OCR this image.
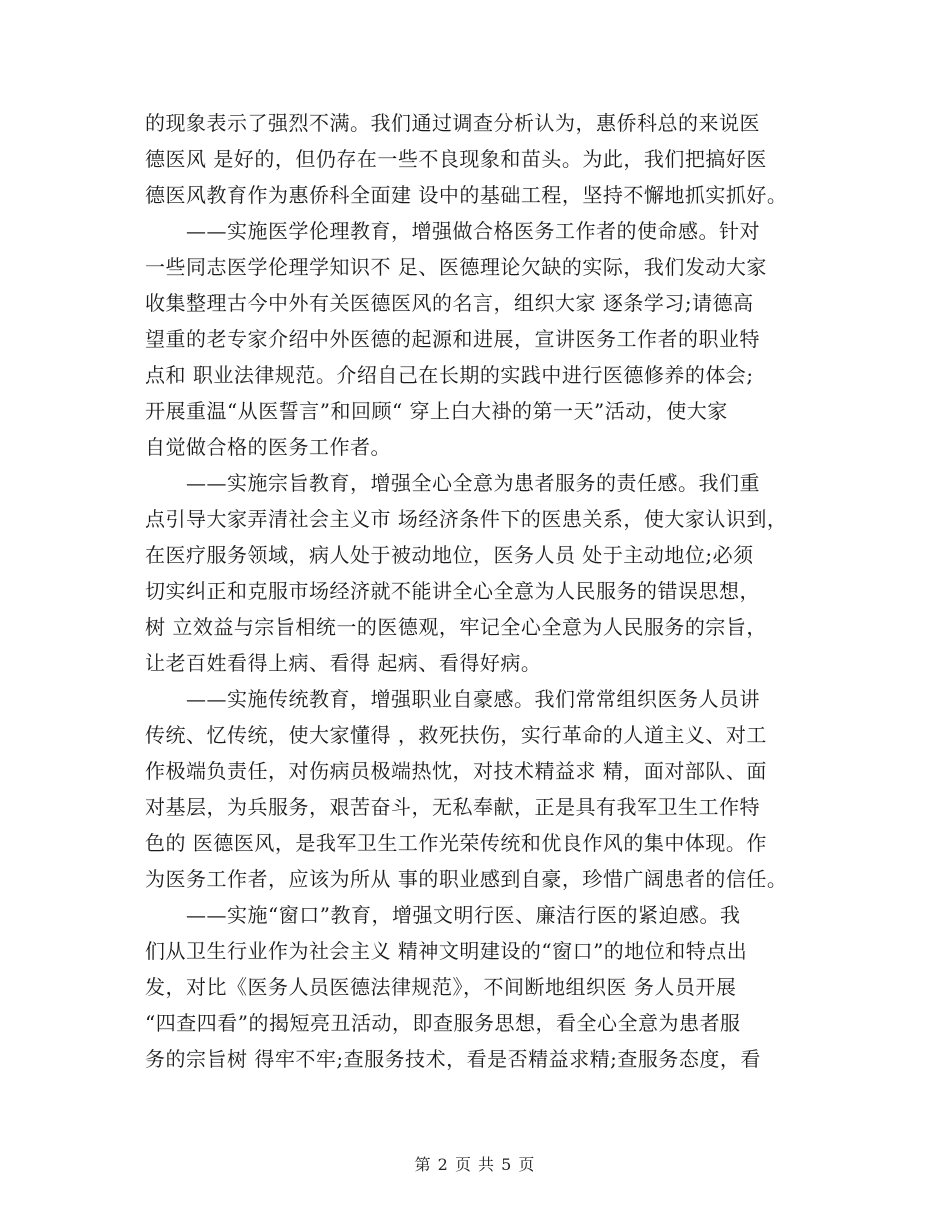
的现象表示了强烈不满。我们通过调查分析认为，惠侨科总的来说医
德医风 是好的，但仍存在一些不良现象和苗头。为此，我们把搞好医
德医风教育作为惠侨科全面建 设中的基础工程，坚持不懈地抓实抓好。
　　——实施医学伦理教育，增强做合格医务工作者的使命感。针对
一些同志医学伦理学知识不 足、医德理论欠缺的实际，我们发动大家
收集整理古今中外有关医德医风的名言，组织大家 逐条学习;请德高
望重的老专家介绍中外医德的起源和进展，宣讲医务工作者的职业特
点和 职业法律规范。介绍自己在长期的实践中进行医德修养的体会;
开展重温“从医誓言”和回顾“ 穿上白大褂的第一天”活动，使大家
自觉做合格的医务工作者。
　　——实施宗旨教育，增强全心全意为患者服务的责任感。我们重
点引导大家弄清社会主义市 场经济条件下的医患关系，使大家认识到，
在医疗服务领域，病人处于被动地位，医务人员 处于主动地位;必须
切实纠正和克服市场经济就不能讲全心全意为人民服务的错误思想，
树 立效益与宗旨相统一的医德观，牢记全心全意为人民服务的宗旨，
让老百姓看得上病、看得 起病、看得好病。
　　——实施传统教育，增强职业自豪感。我们常常组织医务人员讲
传统、忆传统，使大家懂得 ，救死扶伤，实行革命的人道主义、对工
作极端负责任，对伤病员极端热忱，对技术精益求 精，面对部队、面
对基层，为兵服务，艰苦奋斗，无私奉献，正是具有我军卫生工作特
色的 医德医风，是我军卫生工作光荣传统和优良作风的集中体现。作
为医务工作者，应该为所从 事的职业感到自豪，珍惜广阔患者的信任。
　　——实施“窗口”教育，增强文明行医、廉洁行医的紧迫感。我
们从卫生行业作为社会主义 精神文明建设的“窗口”的地位和特点出
发，对比《医务人员医德法律规范》，不间断地组织医 务人员开展
“四查四看”的揭短亮丑活动，即查服务思想，看全心全意为患者服
务的宗旨树 得牢不牢;查服务技术，看是否精益求精;查服务态度，看
第 2 页 共 5 页
